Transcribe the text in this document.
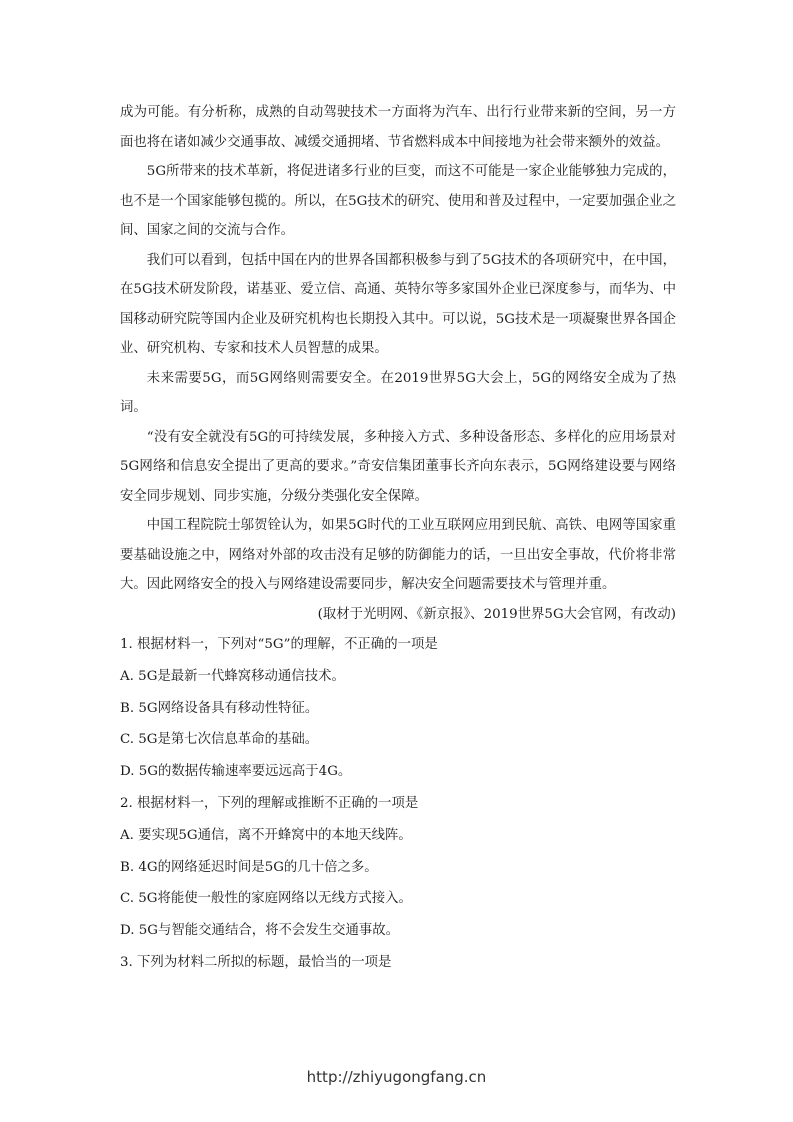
成为可能。有分析称，成熟的自动驾驶技术一方面将为汽车、出行行业带来新的空间，另一方面也将在诸如减少交通事故、减缓交通拥堵、节省燃料成本中间接地为社会带来额外的效益。

5G所带来的技术革新，将促进诸多行业的巨变，而这不可能是一家企业能够独力完成的，也不是一个国家能够包揽的。所以，在5G技术的研究、使用和普及过程中，一定要加强企业之间、国家之间的交流与合作。

我们可以看到，包括中国在内的世界各国都积极参与到了5G技术的各项研究中，在中国，在5G技术研发阶段，诺基亚、爱立信、高通、英特尔等多家国外企业已深度参与，而华为、中国移动研究院等国内企业及研究机构也长期投入其中。可以说，5G技术是一项凝聚世界各国企业、研究机构、专家和技术人员智慧的成果。

未来需要5G，而5G网络则需要安全。在2019世界5G大会上，5G的网络安全成为了热词。

“没有安全就没有5G的可持续发展，多种接入方式、多种设备形态、多样化的应用场景对5G网络和信息安全提出了更高的要求。”奇安信集团董事长齐向东表示，5G网络建设要与网络安全同步规划、同步实施，分级分类强化安全保障。

中国工程院院士邬贺铨认为，如果5G时代的工业互联网应用到民航、高铁、电网等国家重要基础设施之中，网络对外部的攻击没有足够的防御能力的话，一旦出安全事故，代价将非常大。因此网络安全的投入与网络建设需要同步，解决安全问题需要技术与管理并重。

(取材于光明网、《新京报》、2019世界5G大会官网，有改动)

1. 根据材料一，下列对“5G”的理解，不正确的一项是

A. 5G是最新一代蜂窝移动通信技术。

B. 5G网络设备具有移动性特征。

C. 5G是第七次信息革命的基础。

D. 5G的数据传输速率要远远高于4G。

2. 根据材料一，下列的理解或推断不正确的一项是

A. 要实现5G通信，离不开蜂窝中的本地天线阵。

B. 4G的网络延迟时间是5G的几十倍之多。

C. 5G将能使一般性的家庭网络以无线方式接入。

D. 5G与智能交通结合，将不会发生交通事故。

3. 下列为材料二所拟的标题，最恰当的一项是

http://zhiyugongfang.cn
